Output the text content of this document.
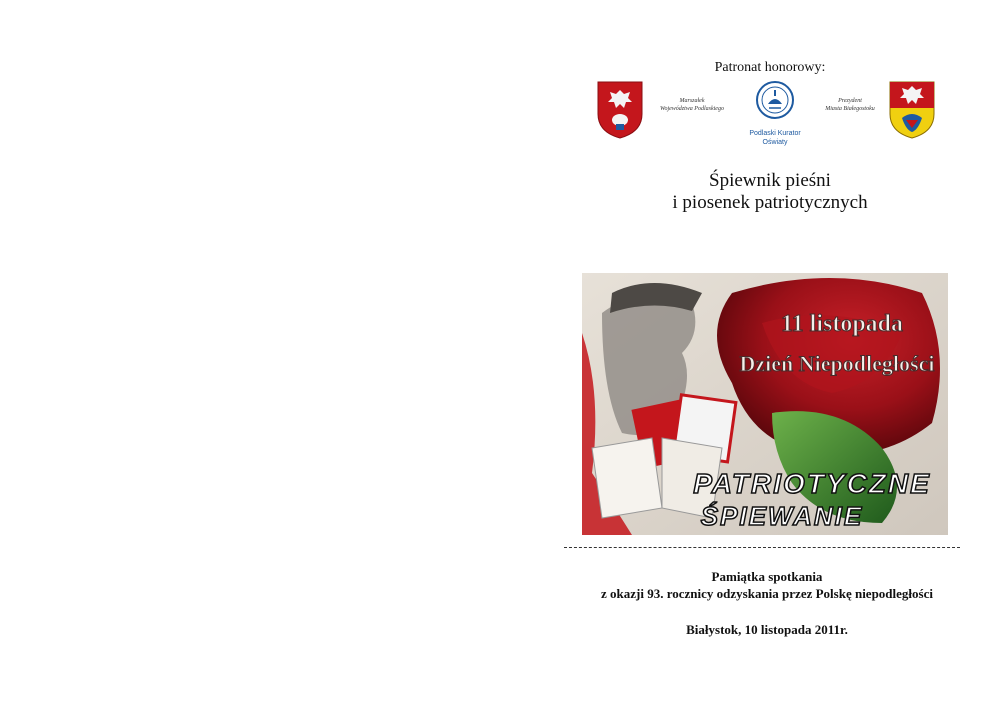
Patronat honorowy:
Marszałek
Województwa Podlaskiego
Podlaski Kurator
Oświaty
Prezydent
Miasta Białegostoku
Śpiewnik pieśni
i piosenek patriotycznych
11 listopada
Dzień Niepodległości
PATRIOTYCZNE
ŚPIEWANIE
Pamiątka spotkania
z okazji 93. rocznicy odzyskania przez Polskę niepodległości
Białystok, 10 listopada 2011r.
